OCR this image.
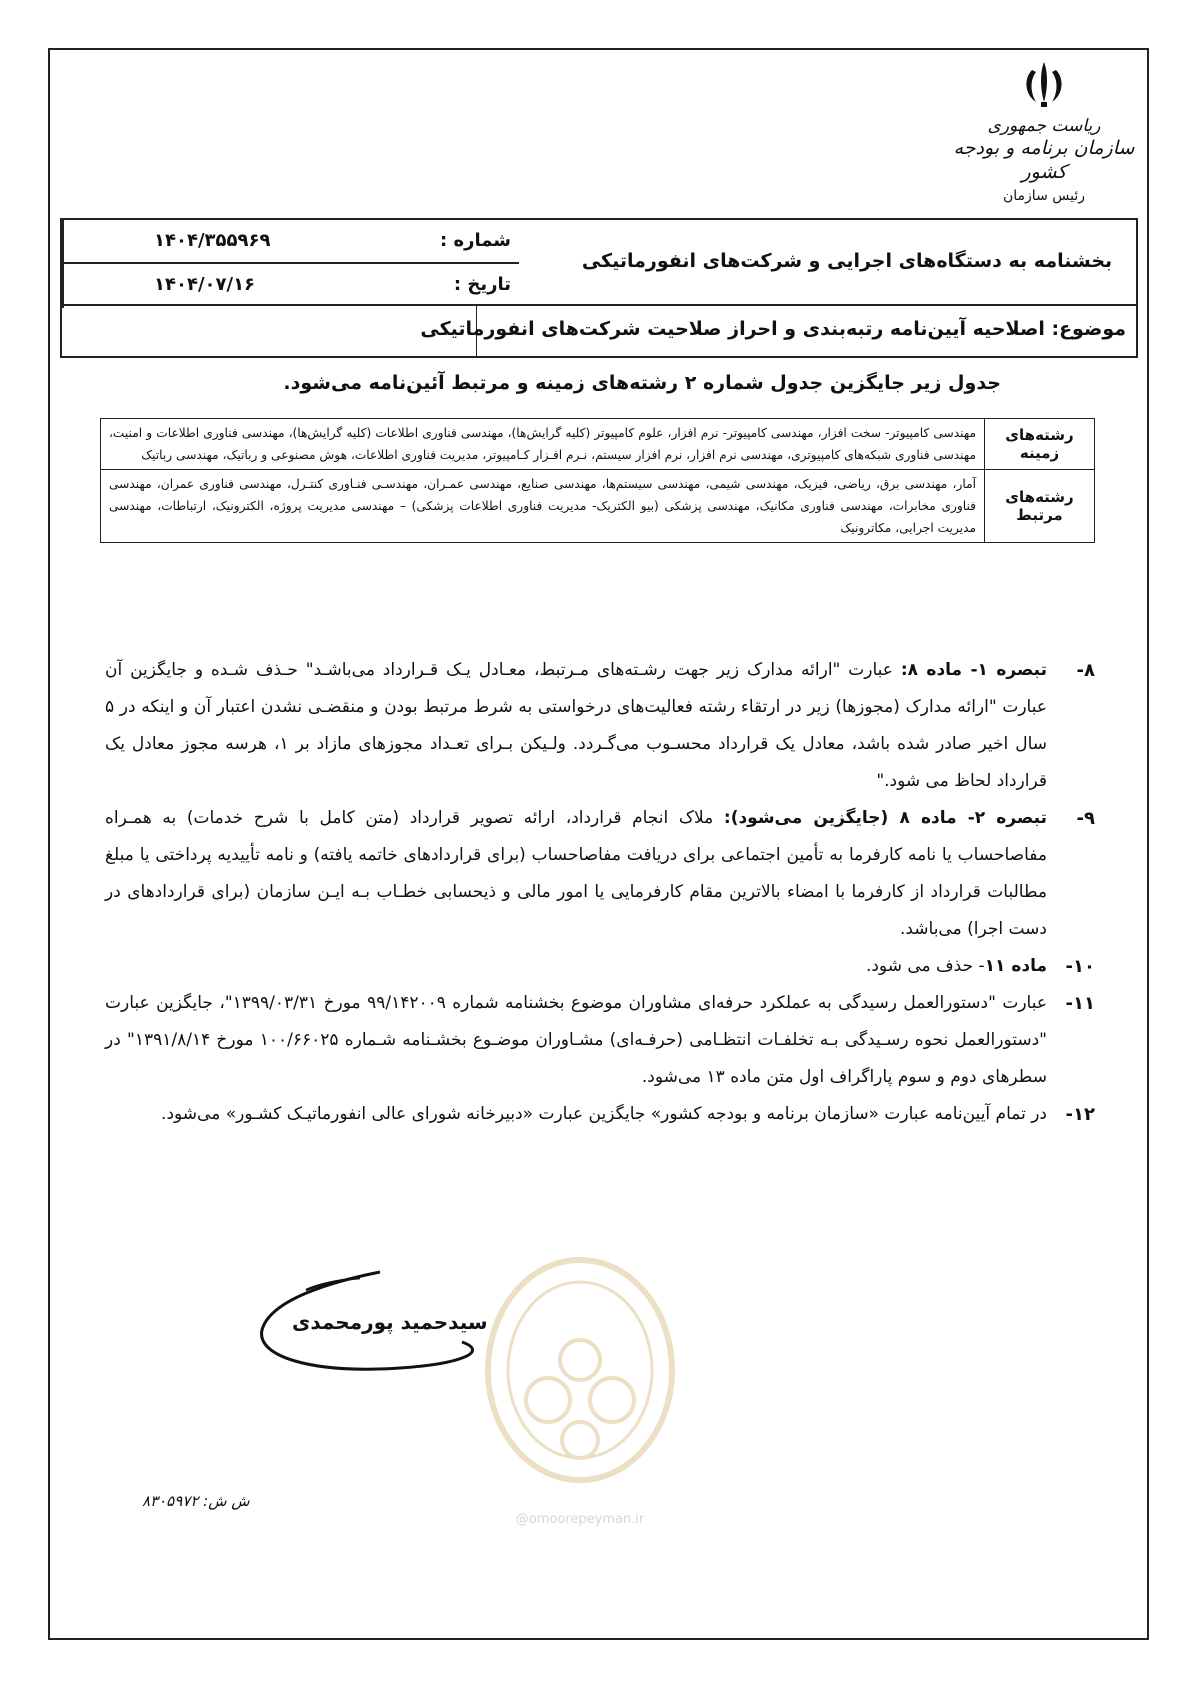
ریاست جمهوری
سازمان برنامه و بودجه کشور
رئیس سازمان
بخشنامه به دستگاه‌های اجرایی و شرکت‌های انفورماتیکی
شماره :
۱۴۰۴/۳۵۵۹۶۹
تاریخ :
۱۴۰۴/۰۷/۱۶
موضوع: اصلاحیه آیین‌نامه رتبه‌بندی و احراز صلاحیت شرکت‌های انفورماتیکی
جدول زیر جایگزین جدول شماره ۲ رشته‌های زمینه و مرتبط آئین‌نامه می‌شود.
رشته‌های زمینه	مهندسی کامپیوتر- سخت افزار، مهندسی کامپیوتر- نرم افزار، علوم کامپیوتر (کلیه گرایش‌ها)، مهندسی فناوری اطلاعات (کلیه گرایش‌ها)، مهندسی فناوری اطلاعات و امنیت، مهندسی فناوری شبکه‌های کامپیوتری، مهندسی نرم افزار، نرم افزار سیستم، نـرم افـزار کـامپیوتر، مدیریت فناوری اطلاعات، هوش مصنوعی و رباتیک، مهندسی رباتیک
رشته‌های مرتبط	آمار، مهندسی برق، ریاضی، فیزیک، مهندسی شیمی، مهندسی سیستم‌ها، مهندسی صنایع، مهندسی عمـران، مهندسـی فنـاوری کنتـرل، مهندسی فناوری عمران، مهندسی فناوری مخابرات، مهندسی فناوری مکانیک، مهندسی پزشکی (بیو الکتریک- مدیریت فناوری اطلاعات پزشکی) – مهندسی مدیریت پروژه، الکترونیک، ارتباطات، مهندسی مدیریت اجرایی، مکاترونیک
۸-
تبصره ۱- ماده ۸: عبارت "ارائه مدارک زیر جهت رشـته‌های مـرتبط، معـادل یـک قـرارداد می‌باشـد" حـذف شـده و جایگزین آن عبارت "ارائه مدارک (مجوزها) زیر در ارتقاء رشته فعالیت‌های درخواستی به شرط مرتبط بودن و منقضـی نشدن اعتبار آن و اینکه در ۵ سال اخیر صادر شده باشد، معادل یک قرارداد محسـوب می‌گـردد. ولـیکن بـرای تعـداد مجوزهای مازاد بر ۱، هرسه مجوز معادل یک قرارداد لحاظ می شود."
۹-
تبصره ۲- ماده ۸ (جایگزین می‌شود): ملاک انجام قرارداد، ارائه تصویر قرارداد (متن کامل با شرح خدمات) به همـراه مفاصاحساب یا نامه کارفرما به تأمین اجتماعی برای دریافت مفاصاحساب (برای قراردادهای خاتمه یافته) و نامه تأییدیه پرداختی یا مبلغ مطالبات قرارداد از کارفرما با امضاء بالاترین مقام کارفرمایی یا امور مالی و ذیحسابی خطـاب بـه ایـن سازمان (برای قراردادهای در دست اجرا) می‌باشد.
۱۰-
ماده ۱۱- حذف می شود.
۱۱-
عبارت "دستورالعمل رسیدگی به عملکرد حرفه‌ای مشاوران موضوع بخشنامه شماره ۹۹/۱۴۲۰۰۹ مورخ ۱۳۹۹/۰۳/۳۱"، جایگزین عبارت "دستورالعمل نحوه رسـیدگی بـه تخلفـات انتظـامی (حرفـه‌ای) مشـاوران موضـوع بخشـنامه شـماره ۱۰۰/۶۶۰۲۵ مورخ ۱۳۹۱/۸/۱۴" در سطرهای دوم و سوم پاراگراف اول متن ماده ۱۳ می‌شود.
۱۲-
در تمام آیین‌نامه عبارت «سازمان برنامه و بودجه کشور» جایگزین عبارت «دبیرخانه شورای عالی انفورماتیـک کشـور» می‌شود.
@omoorepeyman.ir
سیدحمید پورمحمدی
ش ش: ۸۳۰۵۹۷۲
